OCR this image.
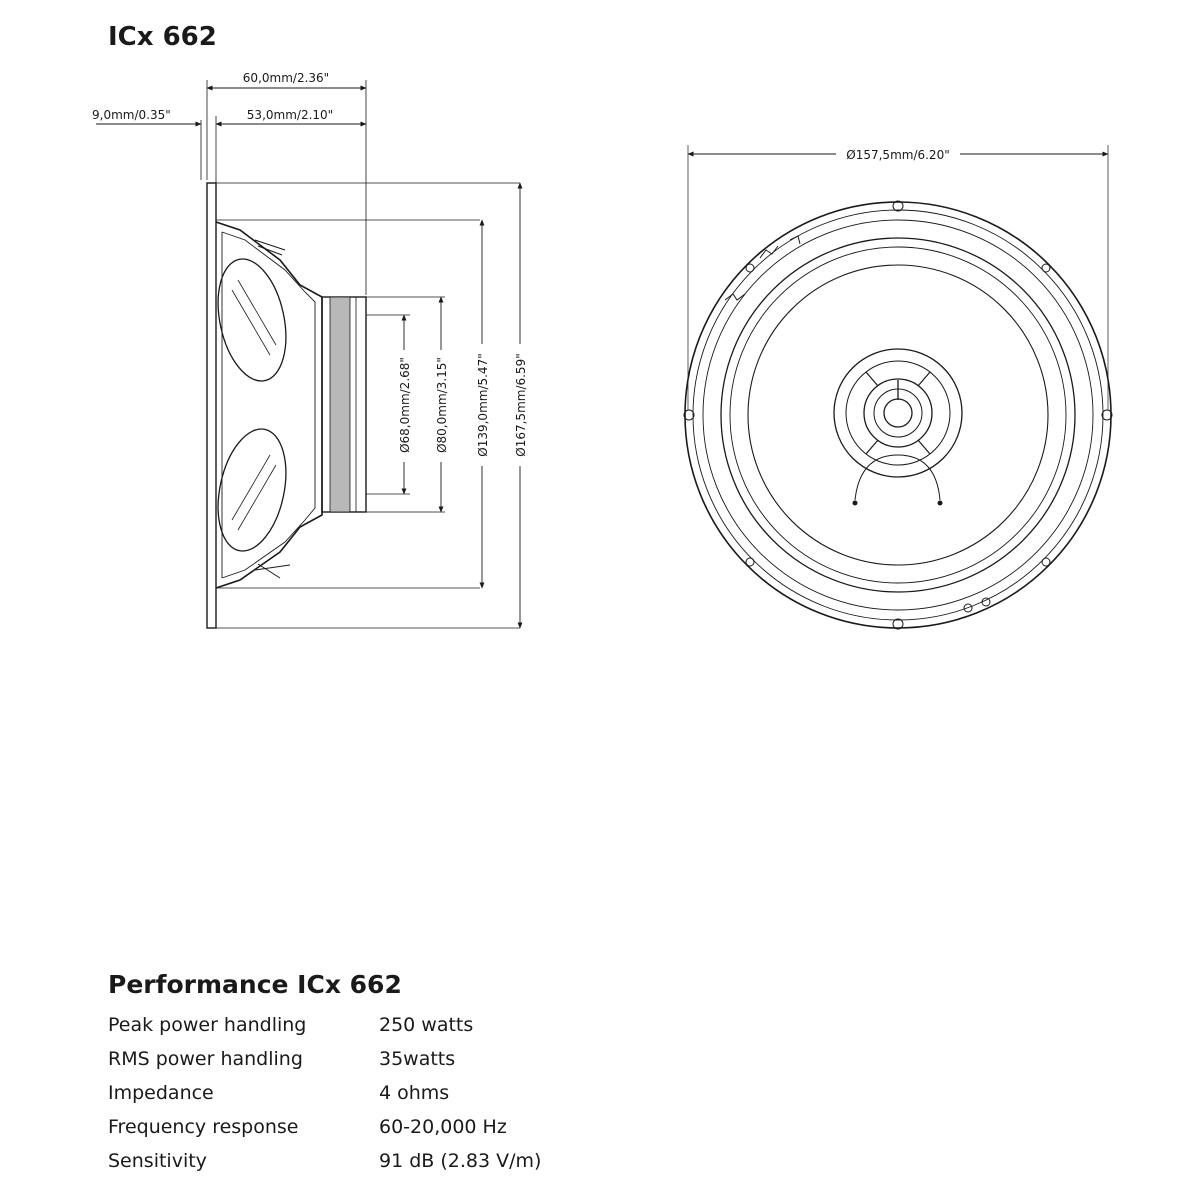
ICx 662
60,0mm/2.36"
53,0mm/2.10"
9,0mm/0.35"
Ø68,0mm/2.68" Ø80,0mm/3.15" Ø139,0mm/5.47" Ø167,5mm/6.59"
Ø157,5mm/6.20"
Performance ICx 662
Peak power handling	250 watts
RMS power handling	35watts
Impedance	4 ohms
Frequency response	60-20,000 Hz
Sensitivity	91 dB (2.83 V/m)
